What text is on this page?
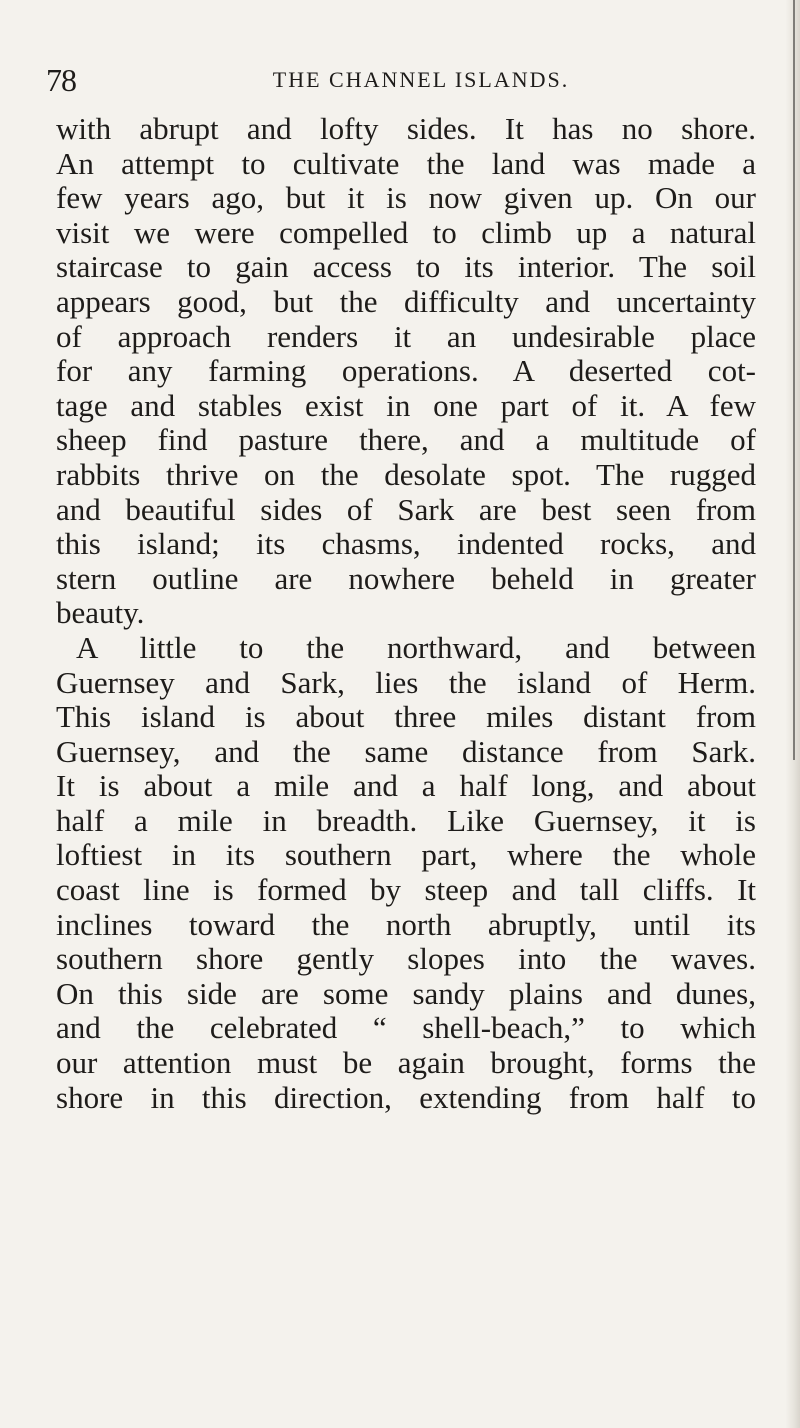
78	THE CHANNEL ISLANDS.
with abrupt and lofty sides. It has no shore.
An attempt to cultivate the land was made a
few years ago, but it is now given up. On our
visit we were compelled to climb up a natural
staircase to gain access to its interior. The soil
appears good, but the difficulty and uncertainty
of approach renders it an undesirable place
for any farming operations. A deserted cot-
tage and stables exist in one part of it. A few
sheep find pasture there, and a multitude of
rabbits thrive on the desolate spot. The rugged
and beautiful sides of Sark are best seen from
this island; its chasms, indented rocks, and
stern outline are nowhere beheld in greater
beauty.
A little to the northward, and between
Guernsey and Sark, lies the island of Herm.
This island is about three miles distant from
Guernsey, and the same distance from Sark.
It is about a mile and a half long, and about
half a mile in breadth. Like Guernsey, it is
loftiest in its southern part, where the whole
coast line is formed by steep and tall cliffs. It
inclines toward the north abruptly, until its
southern shore gently slopes into the waves.
On this side are some sandy plains and dunes,
and the celebrated “ shell-beach,” to which
our attention must be again brought, forms the
shore in this direction, extending from half to
